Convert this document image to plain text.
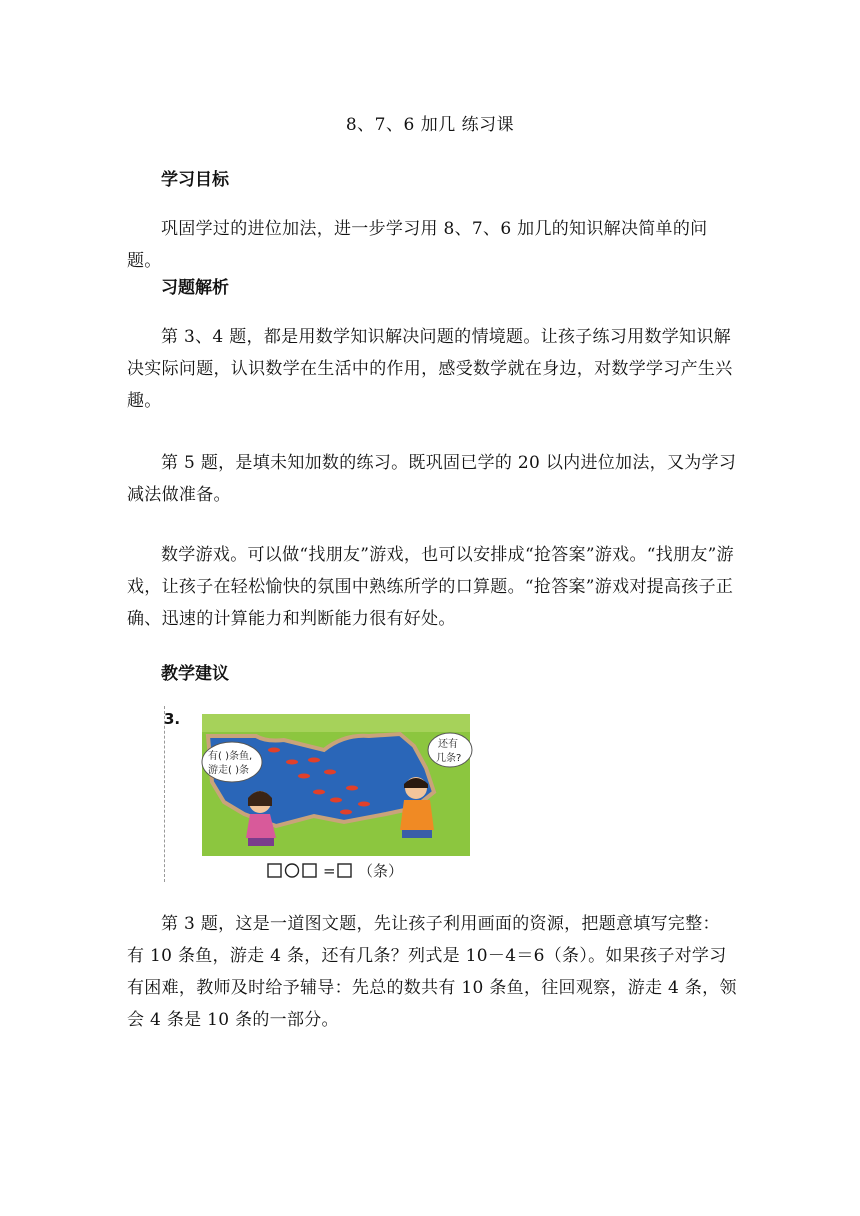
8、7、6 加几 练习课
学习目标
巩固学过的进位加法，进一步学习用 8、7、6 加几的知识解决简单的问题。
习题解析
第 3、4 题，都是用数学知识解决问题的情境题。让孩子练习用数学知识解决实际问题，认识数学在生活中的作用，感受数学就在身边，对数学学习产生兴趣。
第 5 题，是填未知加数的练习。既巩固已学的 20 以内进位加法，又为学习减法做准备。
数学游戏。可以做“找朋友”游戏，也可以安排成“抢答案”游戏。“找朋友”游戏，让孩子在轻松愉快的氛围中熟练所学的口算题。“抢答案”游戏对提高孩子正确、迅速的计算能力和判断能力很有好处。
教学建议
3.
有( )条鱼,
游走( )条
还有
几条?
= （条）
第 3 题，这是一道图文题，先让孩子利用画面的资源，把题意填写完整：有 10 条鱼，游走 4 条，还有几条？列式是 10－4＝6（条）。如果孩子对学习有困难，教师及时给予辅导：先总的数共有 10 条鱼，往回观察，游走 4 条，领会 4 条是 10 条的一部分。
